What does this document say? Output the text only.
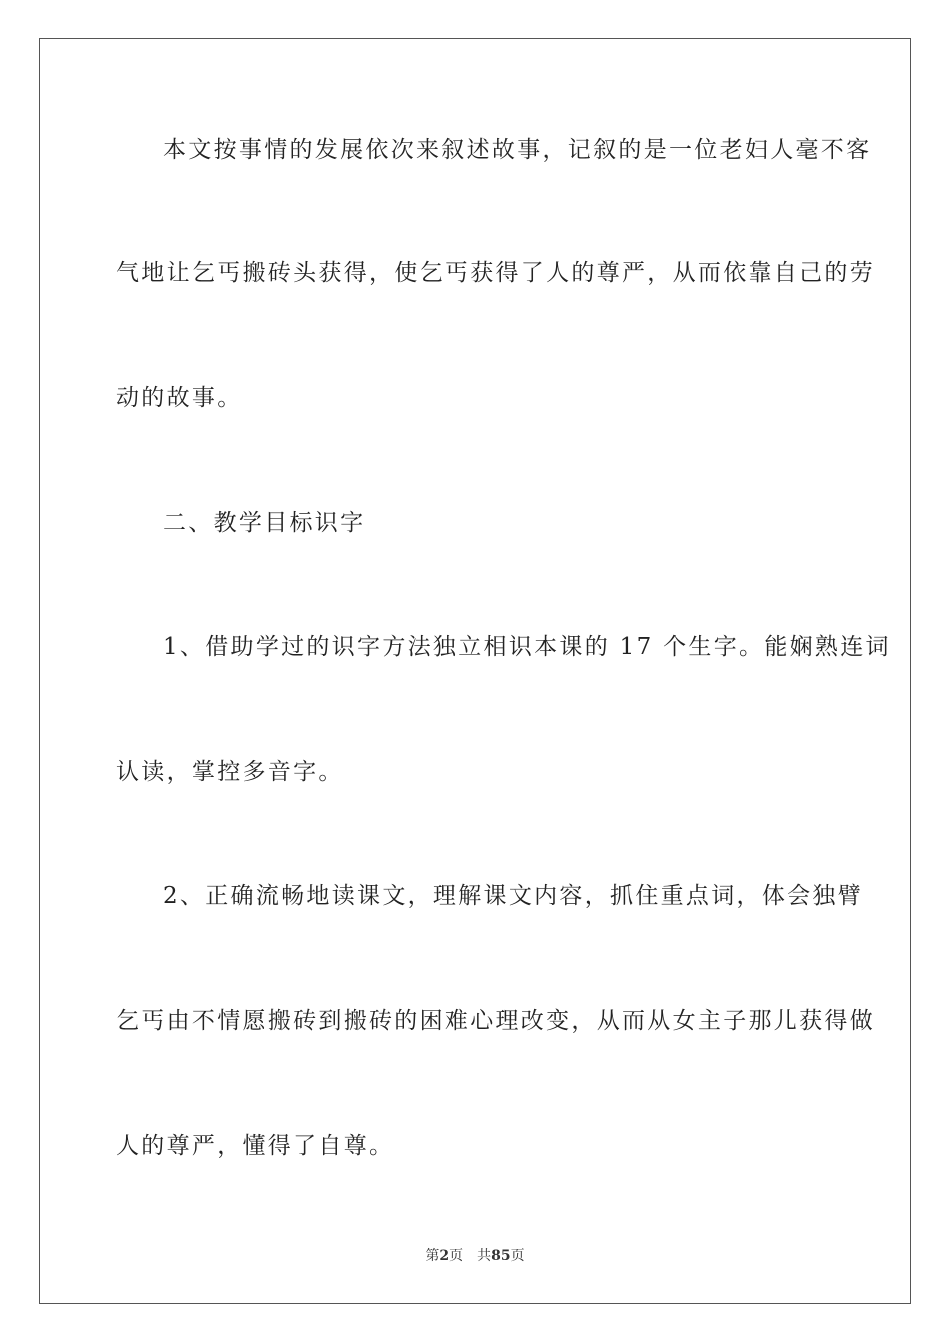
本文按事情的发展依次来叙述故事，记叙的是一位老妇人毫不客
气地让乞丐搬砖头获得，使乞丐获得了人的尊严，从而依靠自己的劳
动的故事。
二、教学目标识字
1、借助学过的识字方法独立相识本课的 17 个生字。能娴熟连词
认读，掌控多音字。
2、正确流畅地读课文，理解课文内容，抓住重点词，体会独臂
乞丐由不情愿搬砖到搬砖的困难心理改变，从而从女主子那儿获得做
人的尊严，懂得了自尊。
第2页 共85页
